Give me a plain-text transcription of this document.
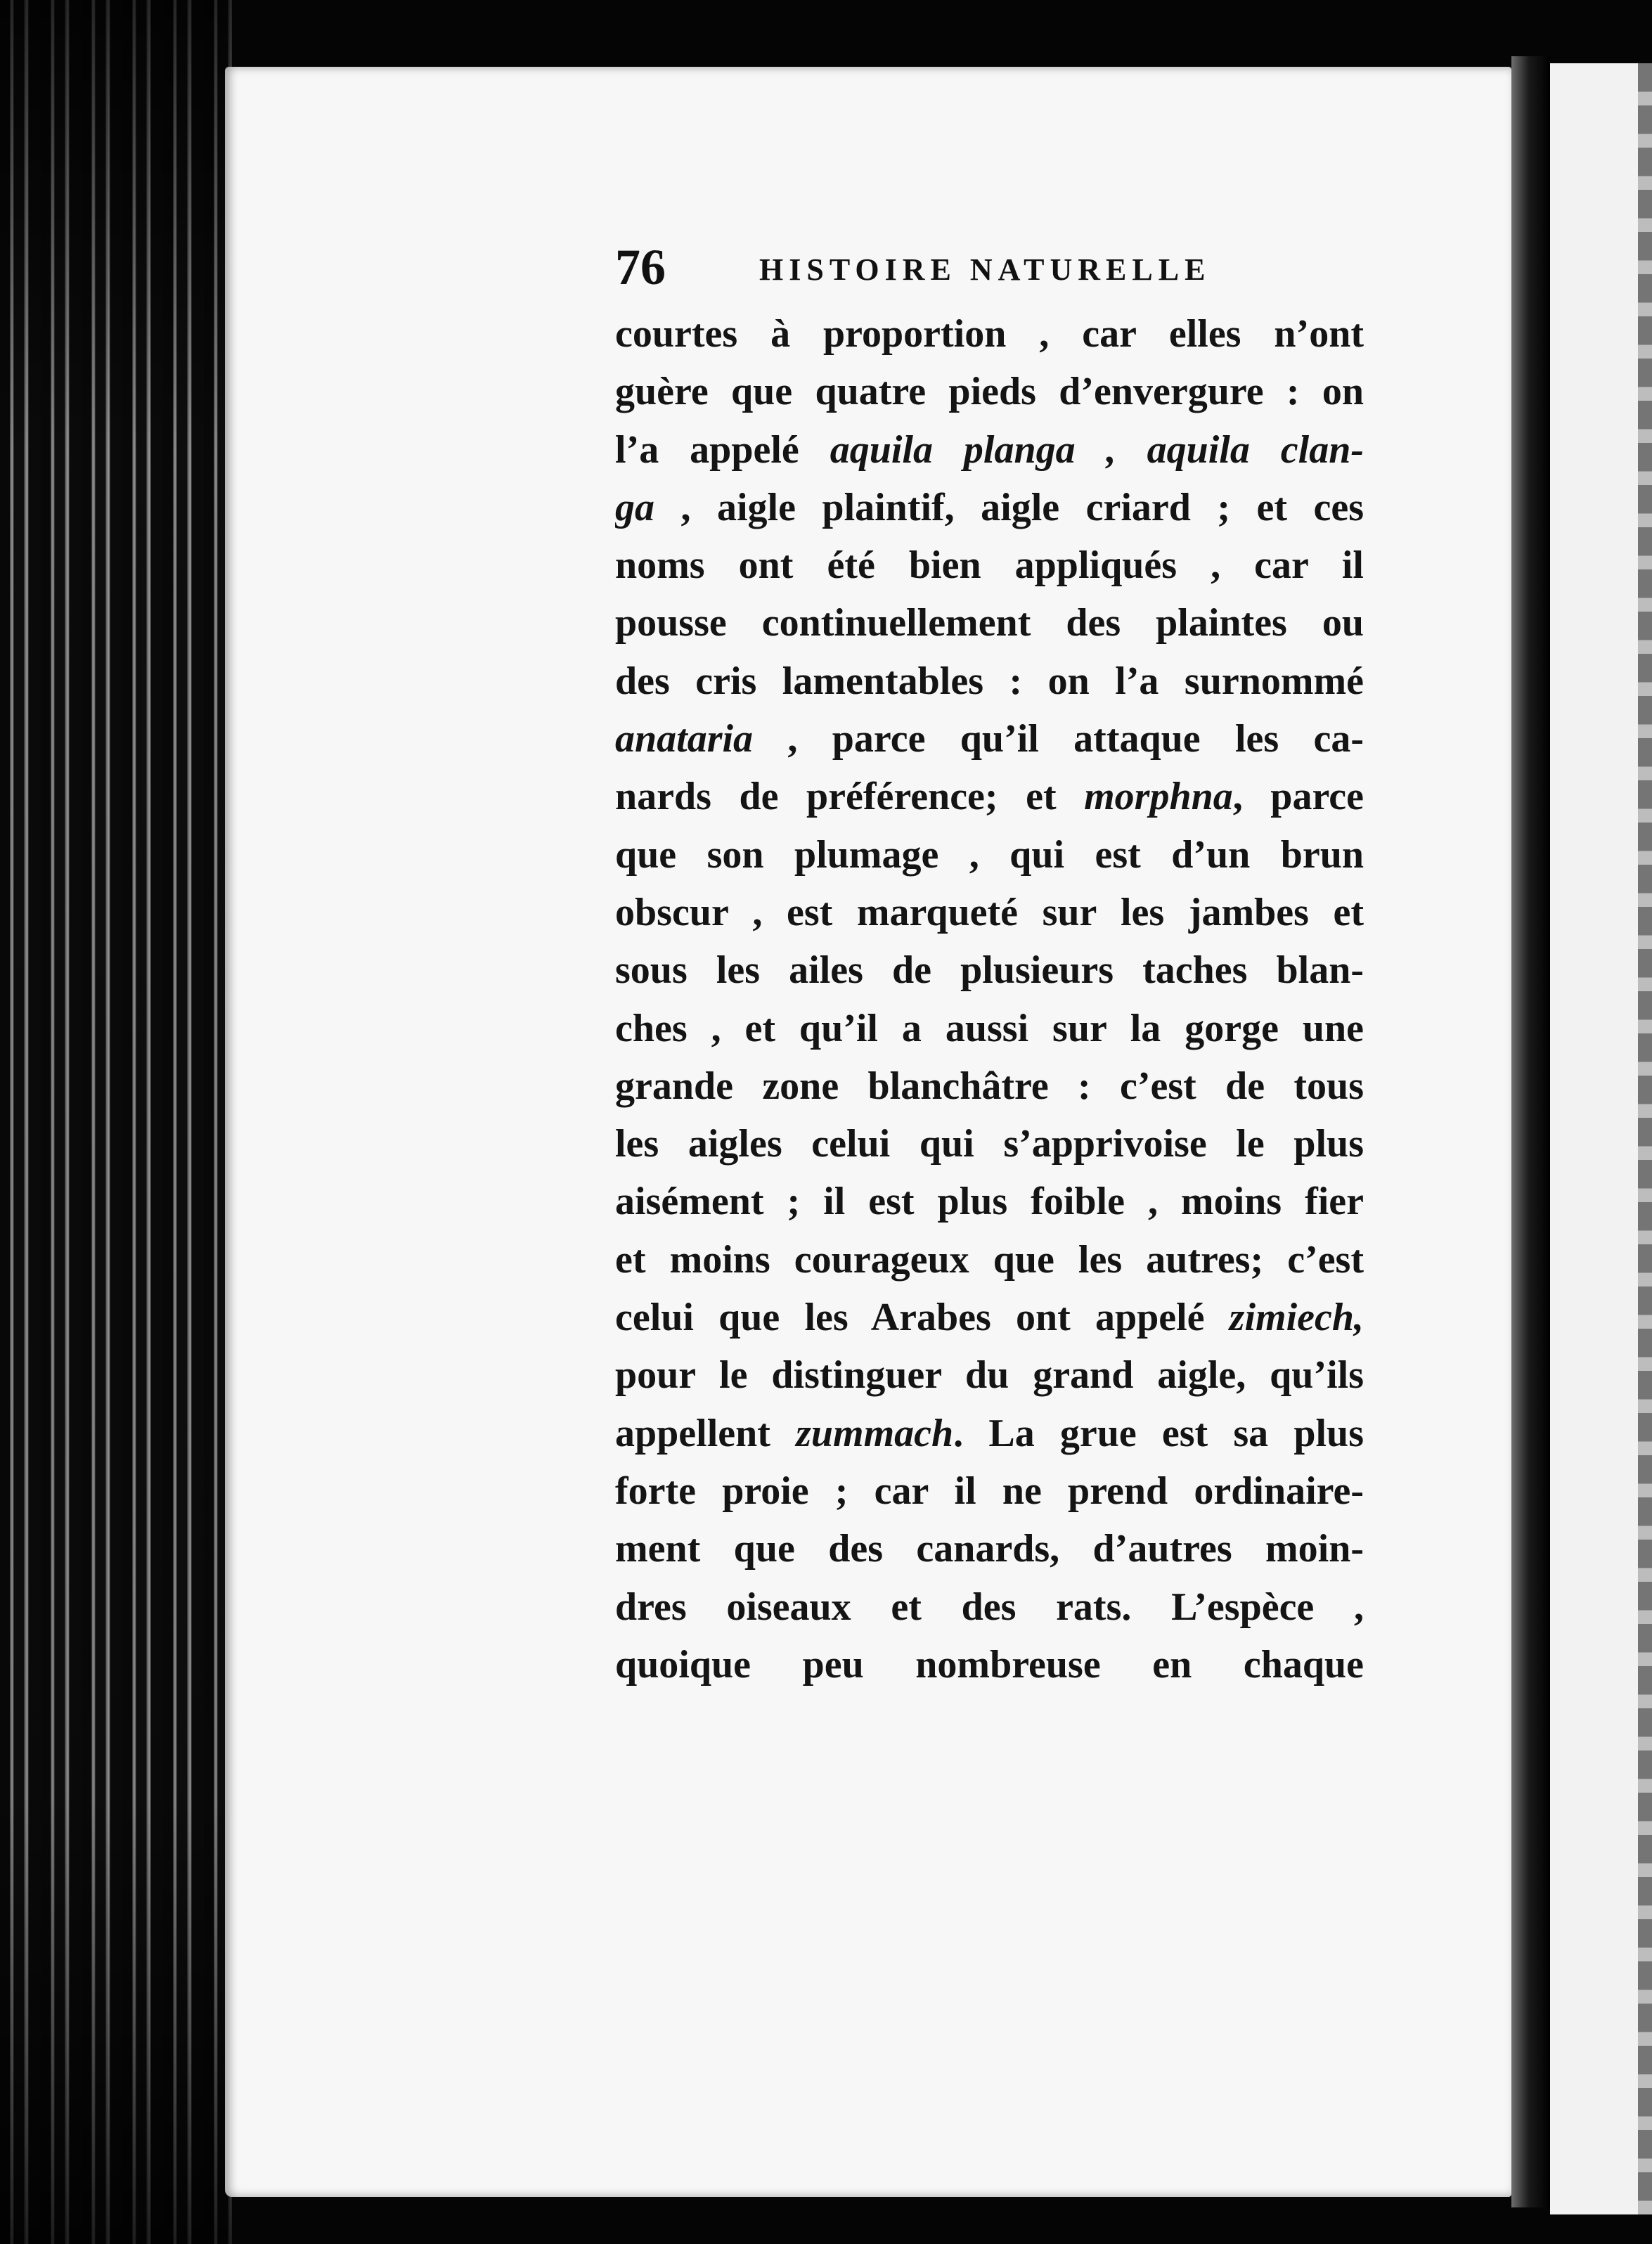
76	HISTOIRE NATURELLE
courtes à proportion , car elles n’ont
guère que quatre pieds d’envergure : on
l’a appelé aquila planga , aquila clan-
ga , aigle plaintif, aigle criard ; et ces
noms ont été bien appliqués , car il
pousse continuellement des plaintes ou
des cris lamentables : on l’a surnommé
anataria , parce qu’il attaque les ca-
nards de préférence; et morphna, parce
que son plumage , qui est d’un brun
obscur , est marqueté sur les jambes et
sous les ailes de plusieurs taches blan-
ches , et qu’il a aussi sur la gorge une
grande zone blanchâtre : c’est de tous
les aigles celui qui s’apprivoise le plus
aisément ; il est plus foible , moins fier
et moins courageux que les autres; c’est
celui que les Arabes ont appelé zimiech,
pour le distinguer du grand aigle, qu’ils
appellent zummach. La grue est sa plus
forte proie ; car il ne prend ordinaire-
ment que des canards, d’autres moin-
dres oiseaux et des rats. L’espèce ,
quoique peu nombreuse en chaque
